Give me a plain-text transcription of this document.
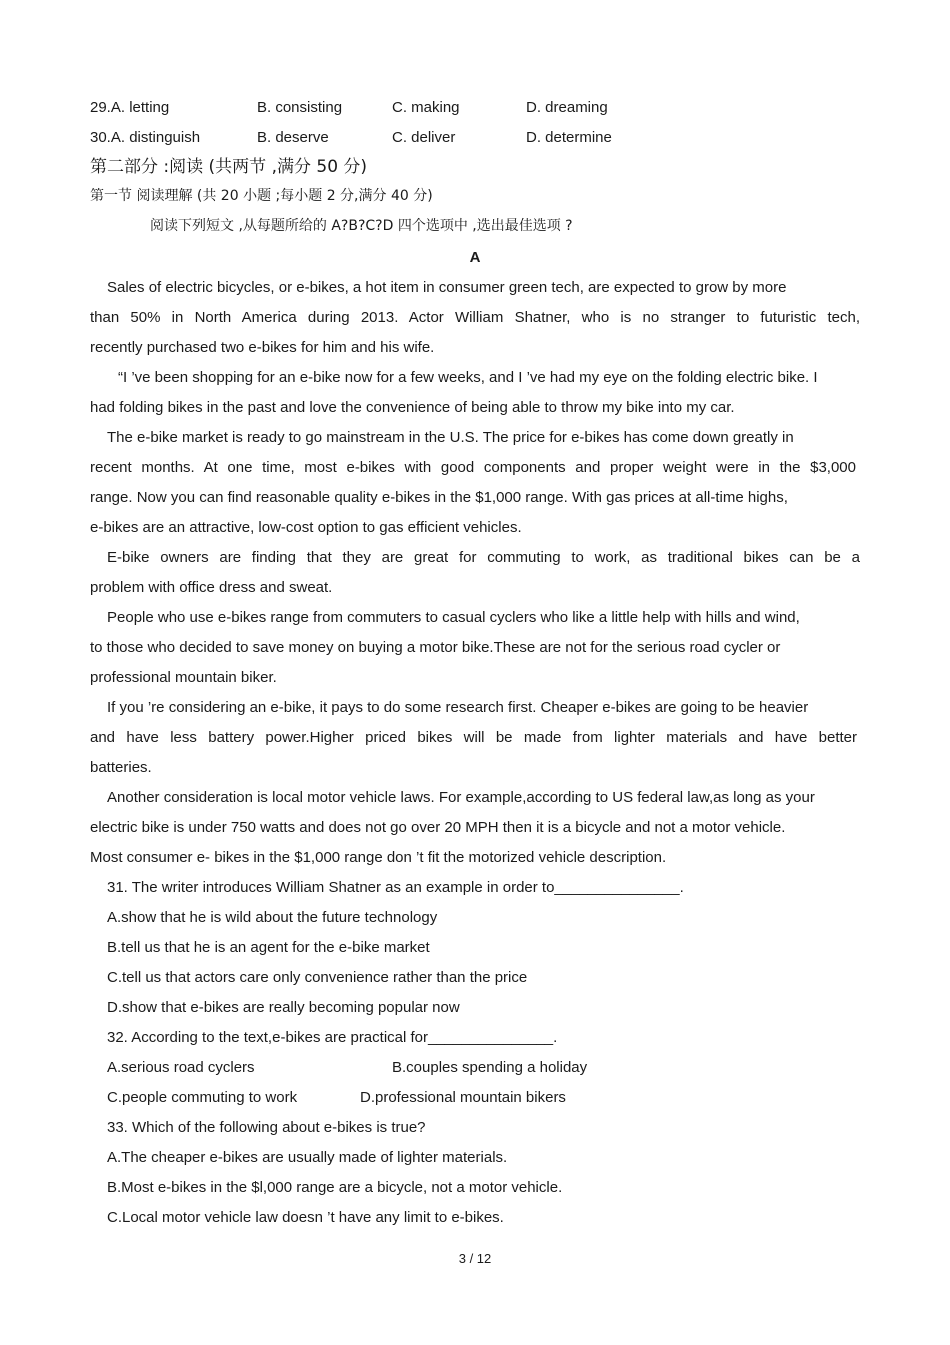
29.A. letting	B. consisting	C. making	D. dreaming
30.A. distinguish	B. deserve	C. deliver	D. determine
第二部分 :阅读 (共两节 ,满分 50 分)
第一节 阅读理解 (共 20 小题 ;每小题 2 分,满分 40 分)
阅读下列短文 ,从每题所给的 A?B?C?D 四个选项中 ,选出最佳选项 ?
A
Sales of electric bicycles, or e-bikes, a hot item in consumer green tech, are expected to grow by more
than 50% in North America during 2013. Actor William Shatner, who is no stranger to futuristic tech,
recently purchased two e-bikes for him and his wife.
“I ’ve been shopping for an e-bike now for a few weeks, and I ’ve had my eye on the folding electric bike. I
had folding bikes in the past and love the convenience of being able to throw my bike into my car.
The e-bike market is ready to go mainstream in the U.S. The price for e-bikes has come down greatly in
recent months. At one time, most e-bikes with good components and proper weight were in the $3,000
range. Now you can find reasonable quality e-bikes in the $1,000 range. With gas prices at all-time highs,
e-bikes are an attractive, low-cost option to gas efficient vehicles.
E-bike owners are finding that they are great for commuting to work, as traditional bikes can be a
problem with office dress and sweat.
People who use e-bikes range from commuters to casual cyclers who like a little help with hills and wind,
to those who decided to save money on buying a motor bike.These are not for the serious road cycler or
professional mountain biker.
If you ’re considering an e-bike, it pays to do some research first. Cheaper e-bikes are going to be heavier
and have less battery power.Higher priced bikes will be made from lighter materials and have better
batteries.
Another consideration is local motor vehicle laws. For example,according to US federal law,as long as your
electric bike is under 750 watts and does not go over 20 MPH then it is a bicycle and not a motor vehicle.
Most consumer e- bikes in the $1,000 range don ’t fit the motorized vehicle description.
31. The writer introduces William Shatner as an example in order to_______________.
A.show that he is wild about the future technology
B.tell us that he is an agent for the e-bike market
C.tell us that actors care only convenience rather than the price
D.show that e-bikes are really becoming popular now
32. According to the text,e-bikes are practical for_______________.
A.serious road cyclers	B.couples spending a holiday
C.people commuting to work	D.professional mountain bikers
33. Which of the following about e-bikes is true?
A.The cheaper e-bikes are usually made of lighter materials.
B.Most e-bikes in the $l,000 range are a bicycle, not a motor vehicle.
C.Local motor vehicle law doesn ’t have any limit to e-bikes.
3 / 12
